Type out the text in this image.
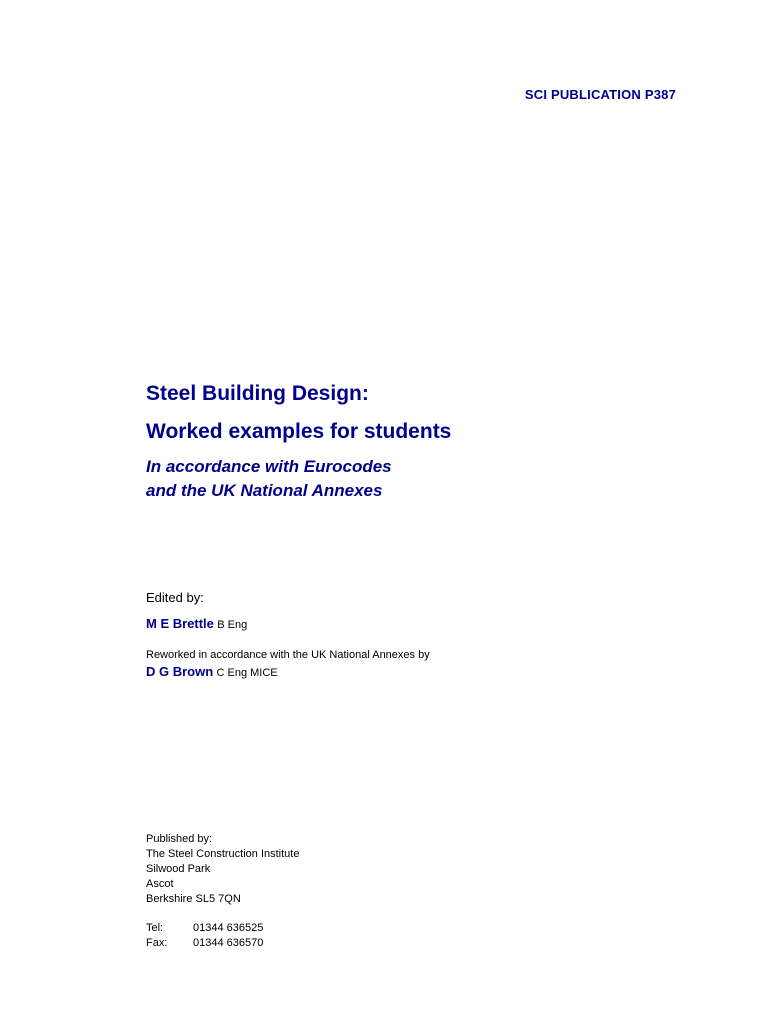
SCI PUBLICATION P387
Steel Building Design:
Worked examples for students
In accordance with Eurocodes
and the UK National Annexes
Edited by:
M E Brettle B Eng
Reworked in accordance with the UK National Annexes by
D G Brown C Eng MICE
Published by:
The Steel Construction Institute
Silwood Park
Ascot
Berkshire SL5 7QN
Tel:	01344 636525
Fax: 01344 636570
